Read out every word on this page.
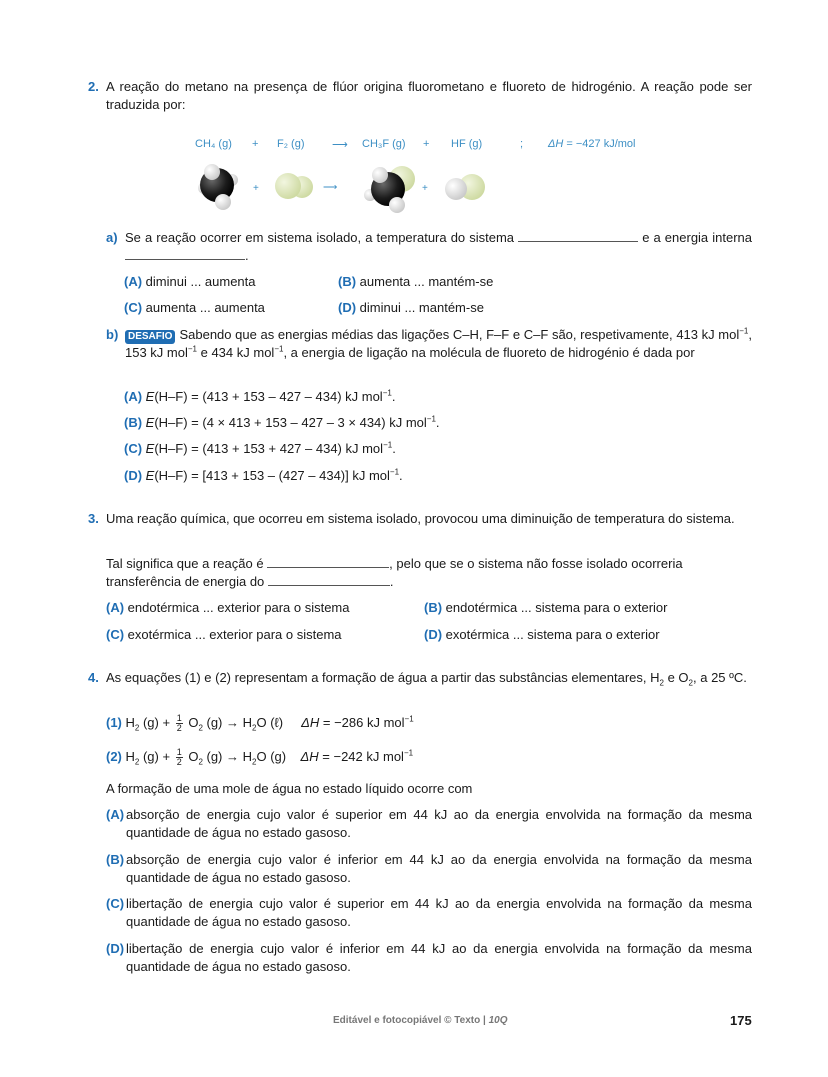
2. A reação do metano na presença de flúor origina fluorometano e fluoreto de hidrogénio. A reação pode ser traduzida por:
CH₄ (g) + F₂ (g)	⟶ CH₃F (g) + HF (g)	; ΔH = −427 kJ/mol
+	⟶	+
a) Se a reação ocorrer em sistema isolado, a temperatura do sistema	e a energia interna .
(A) diminui ... aumenta	(B) aumenta ... mantém-se
(C) aumenta ... aumenta	(D) diminui ... mantém-se
b) DESAFIO Sabendo que as energias médias das ligações C–H, F–F e C–F são, respetivamente, 413 kJ mol$^{-1}$, 153 kJ mol$^{-1}$ e 434 kJ mol$^{-1}$, a energia de ligação na molécula de fluoreto de hidrogénio é dada por
(A) E(H–F) = (413 + 153 – 427 – 434) kJ mol$^{-1}$.
(B) E(H–F) = (4 × 413 + 153 – 427 – 3 × 434) kJ mol$^{-1}$.
(C) E(H–F) = (413 + 153 + 427 – 434) kJ mol$^{-1}$.
(D) E(H–F) = [413 + 153 – (427 – 434)] kJ mol$^{-1}$.
3. Uma reação química, que ocorreu em sistema isolado, provocou uma diminuição de temperatura do sistema.
Tal significa que a reação é	, pelo que se o sistema não fosse isolado ocorreria
transferência de energia do	.
(A) endotérmica ... exterior para o sistema	(B) endotérmica ... sistema para o exterior
(C) exotérmica ... exterior para o sistema	(D) exotérmica ... sistema para o exterior
4. As equações (1) e (2) representam a formação de água a partir das substâncias elementares, $H_2$ e $O_2$, a 25 ºC.
(1) $H_2$ $(g) + \frac{1}{2} O_2$ $(g) \to H_2O$ (ℓ) ΔH = −286 kJ mol$^{-1}$
(2) $H_2$ $(g) + \frac{1}{2} O_2$ $(g) \to H_2O$ (g) ΔH = −242 kJ mol$^{-1}$
A formação de uma mole de água no estado líquido ocorre com
(A) absorção de energia cujo valor é superior em 44 kJ ao da energia envolvida na formação da mesma quantidade de água no estado gasoso.
(B) absorção de energia cujo valor é inferior em 44 kJ ao da energia envolvida na formação da mesma quantidade de água no estado gasoso.
(C) libertação de energia cujo valor é superior em 44 kJ ao da energia envolvida na formação da mesma quantidade de água no estado gasoso.
(D) libertação de energia cujo valor é inferior em 44 kJ ao da energia envolvida na formação da mesma quantidade de água no estado gasoso.
Editável e fotocopiável © Texto | 10Q	175
